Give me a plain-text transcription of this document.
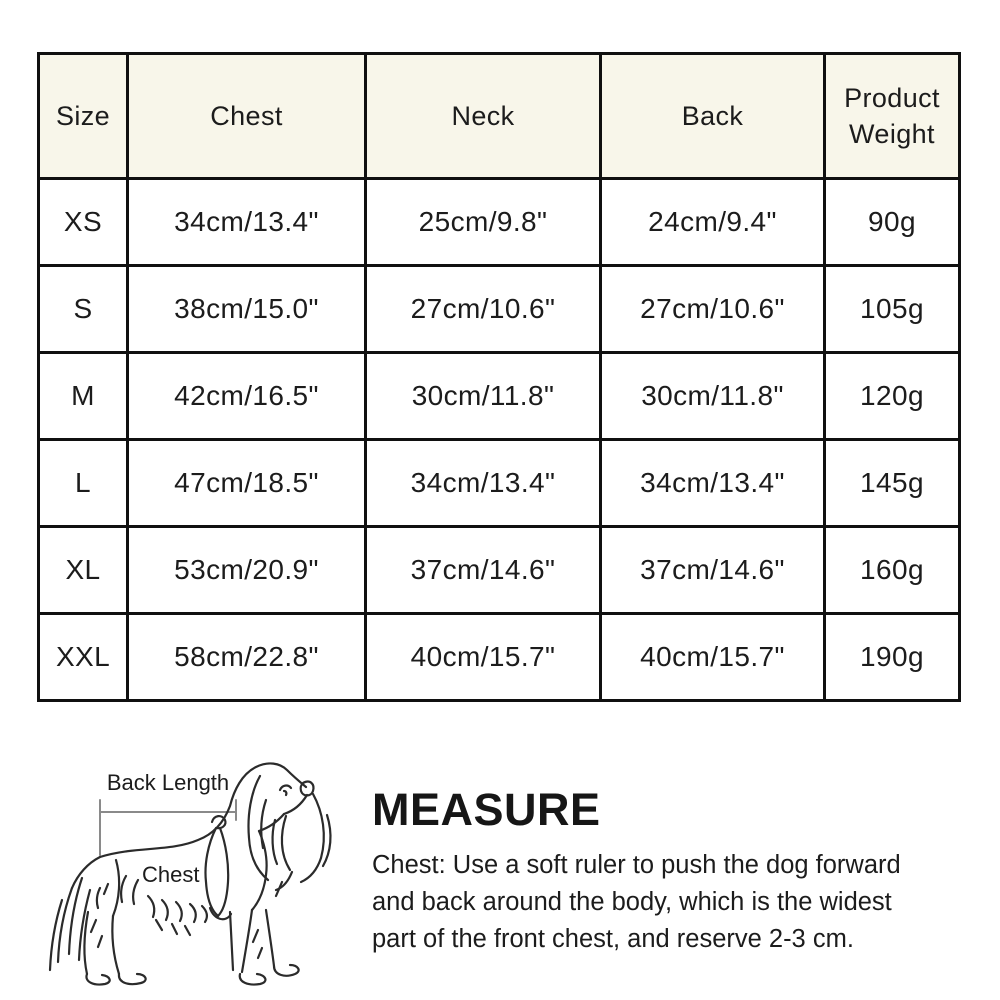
Size	Chest	Neck	Back	Product Weight
XS	34cm/13.4"	25cm/9.8"	24cm/9.4"	90g
S	38cm/15.0"	27cm/10.6"	27cm/10.6"	105g
M	42cm/16.5"	30cm/11.8"	30cm/11.8"	120g
L	47cm/18.5"	34cm/13.4"	34cm/13.4"	145g
XL	53cm/20.9"	37cm/14.6"	37cm/14.6"	160g
XXL	58cm/22.8"	40cm/15.7"	40cm/15.7"	190g
Back Length
Chest
MEASURE
Chest: Use a soft ruler to push the dog forward
and back around the body, which is the widest
part of the front chest, and reserve 2-3 cm.
